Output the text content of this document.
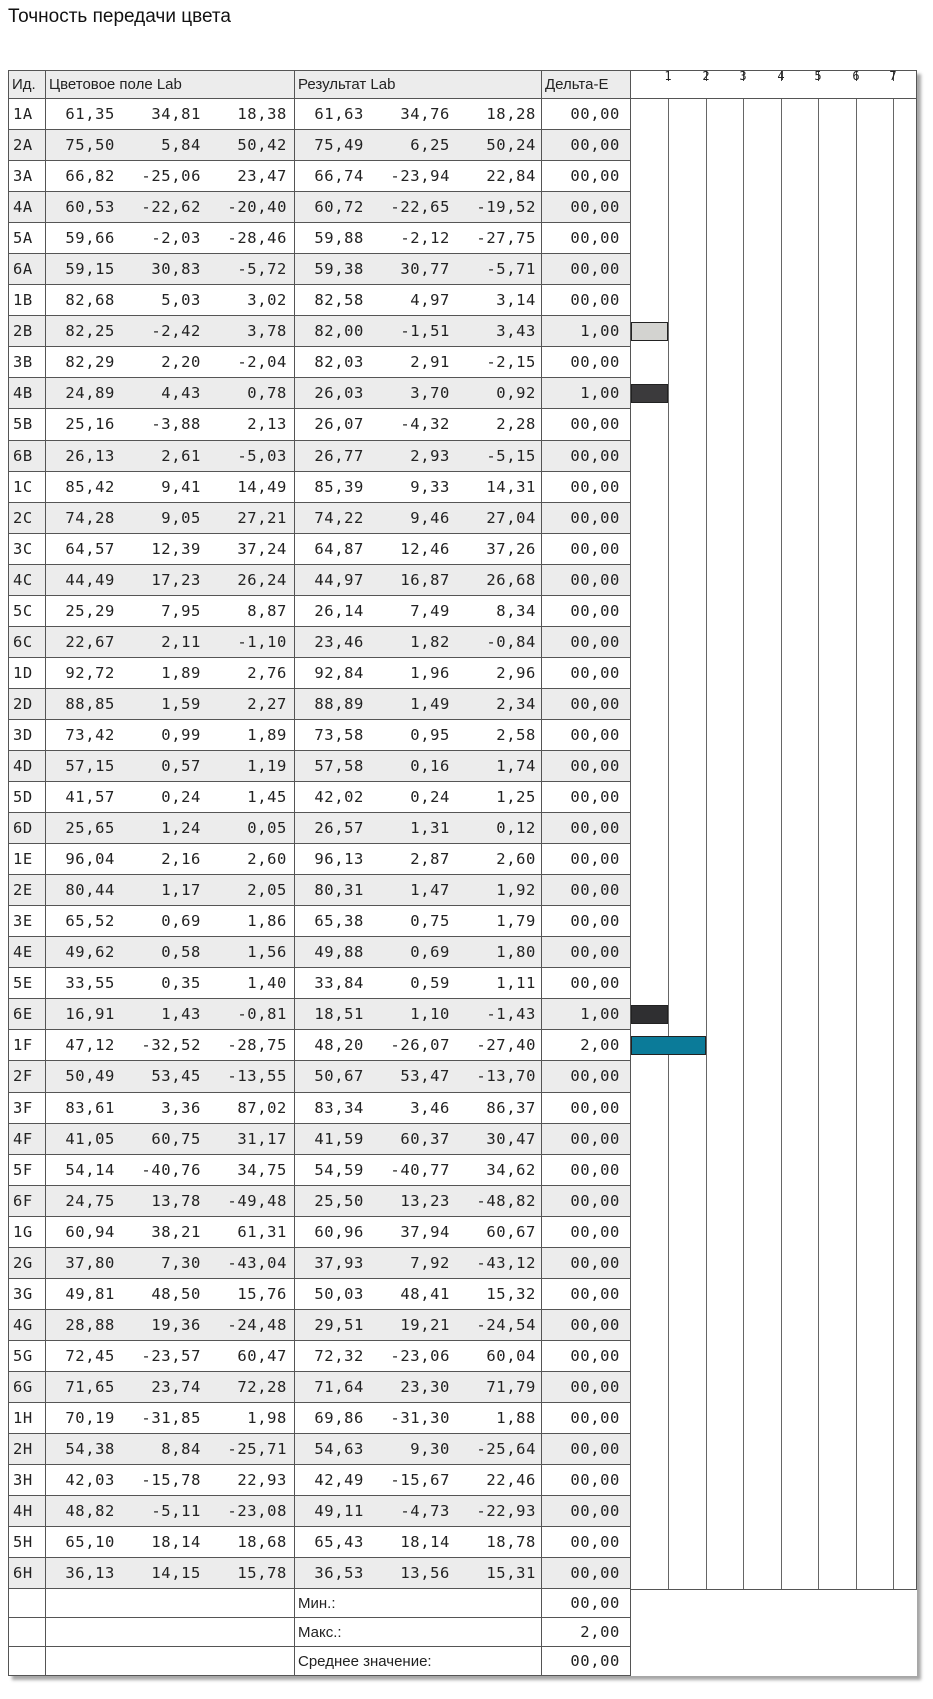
Точность передачи цвета
Ид. Цветовое поле Lab	Результат Lab	Дельта-E	1	2 3	4 5	6 7
1A	61,35	34,81	18,38	61,63	34,76	18,28	00,00
2A	75,50	5,84	50,42	75,49	6,25	50,24	00,00
3A	66,82	-25,06	23,47	66,74	-23,94	22,84	00,00
4A	60,53	-22,62	-20,40	60,72	-22,65	-19,52	00,00
5A	59,66	-2,03	-28,46	59,88	-2,12	-27,75	00,00
6A	59,15	30,83	-5,72	59,38	30,77	-5,71	00,00
1B	82,68	5,03	3,02	82,58	4,97	3,14	00,00
2B	82,25	-2,42	3,78	82,00	-1,51	3,43	1,00
3B	82,29	2,20	-2,04	82,03	2,91	-2,15	00,00
4B	24,89	4,43	0,78	26,03	3,70	0,92	1,00
5B	25,16	-3,88	2,13	26,07	-4,32	2,28	00,00
6B	26,13	2,61	-5,03	26,77	2,93	-5,15	00,00
1C	85,42	9,41	14,49	85,39	9,33	14,31	00,00
2C	74,28	9,05	27,21	74,22	9,46	27,04	00,00
3C	64,57	12,39	37,24	64,87	12,46	37,26	00,00
4C	44,49	17,23	26,24	44,97	16,87	26,68	00,00
5C	25,29	7,95	8,87	26,14	7,49	8,34	00,00
6C	22,67	2,11	-1,10	23,46	1,82	-0,84	00,00
1D	92,72	1,89	2,76	92,84	1,96	2,96	00,00
2D	88,85	1,59	2,27	88,89	1,49	2,34	00,00
3D	73,42	0,99	1,89	73,58	0,95	2,58	00,00
4D	57,15	0,57	1,19	57,58	0,16	1,74	00,00
5D	41,57	0,24	1,45	42,02	0,24	1,25	00,00
6D	25,65	1,24	0,05	26,57	1,31	0,12	00,00
1E	96,04	2,16	2,60	96,13	2,87	2,60	00,00
2E	80,44	1,17	2,05	80,31	1,47	1,92	00,00
3E	65,52	0,69	1,86	65,38	0,75	1,79	00,00
4E	49,62	0,58	1,56	49,88	0,69	1,80	00,00
5E	33,55	0,35	1,40	33,84	0,59	1,11	00,00
6E	16,91	1,43	-0,81	18,51	1,10	-1,43	1,00
1F	47,12	-32,52	-28,75	48,20	-26,07	-27,40	2,00
2F	50,49	53,45	-13,55	50,67	53,47	-13,70	00,00
3F	83,61	3,36	87,02	83,34	3,46	86,37	00,00
4F	41,05	60,75	31,17	41,59	60,37	30,47	00,00
5F	54,14	-40,76	34,75	54,59	-40,77	34,62	00,00
6F	24,75	13,78	-49,48	25,50	13,23	-48,82	00,00
1G	60,94	38,21	61,31	60,96	37,94	60,67	00,00
2G	37,80	7,30	-43,04	37,93	7,92	-43,12	00,00
3G	49,81	48,50	15,76	50,03	48,41	15,32	00,00
4G	28,88	19,36	-24,48	29,51	19,21	-24,54	00,00
5G	72,45	-23,57	60,47	72,32	-23,06	60,04	00,00
6G	71,65	23,74	72,28	71,64	23,30	71,79	00,00
1H	70,19	-31,85	1,98	69,86	-31,30	1,88	00,00
2H	54,38	8,84	-25,71	54,63	9,30	-25,64	00,00
3H	42,03	-15,78	22,93	42,49	-15,67	22,46	00,00
4H	48,82	-5,11	-23,08	49,11	-4,73	-22,93	00,00
5H	65,10	18,14	18,68	65,43	18,14	18,78	00,00
6H	36,13	14,15	15,78	36,53	13,56	15,31	00,00
Мин.:	00,00
Макс.:	2,00
Среднее значение:	00,00
